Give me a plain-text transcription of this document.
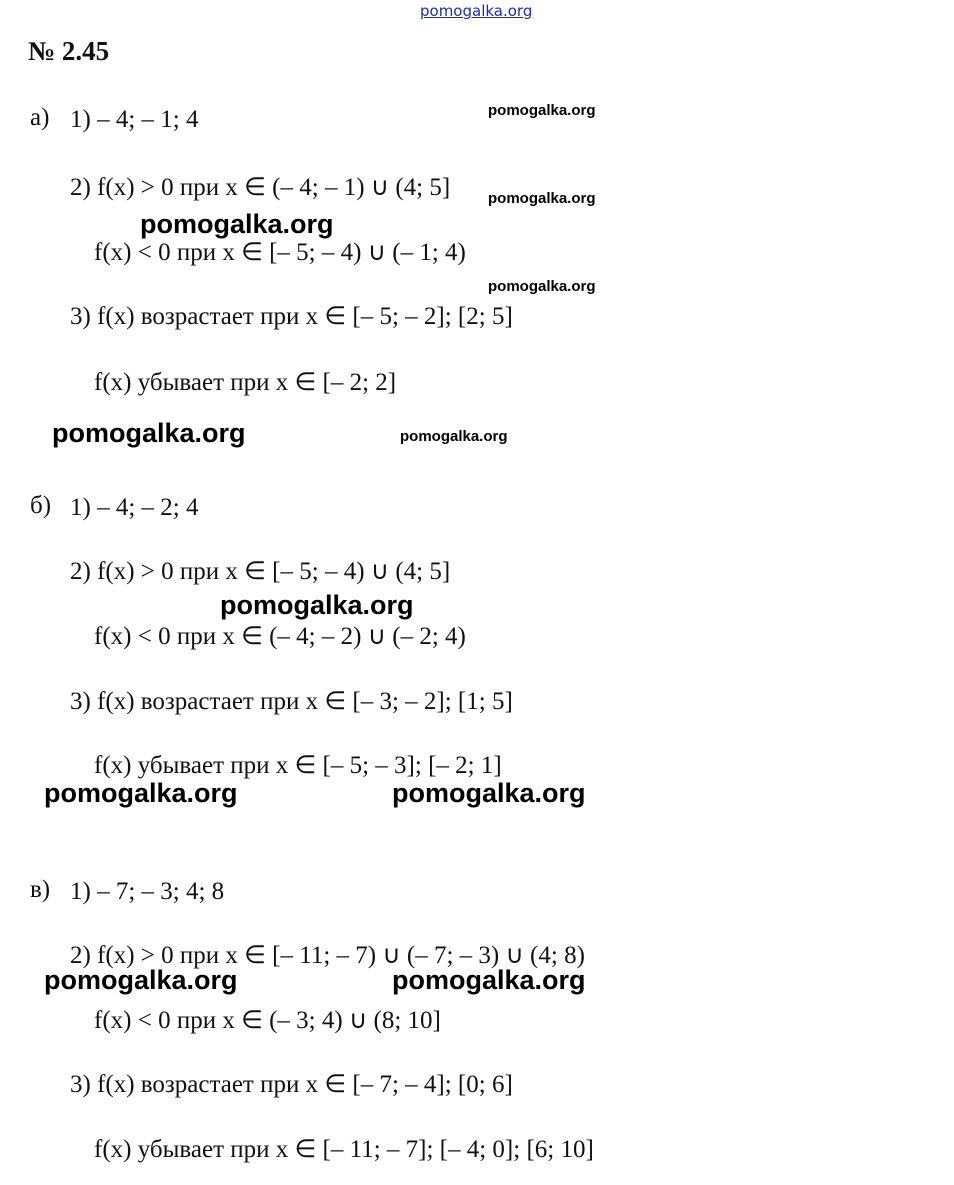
pomogalka.org
№ 2.45
а) 1) – 4; – 1; 4
2) f(x) > 0 при x ∈ (– 4; – 1) ∪ (4; 5]
f(x) < 0 при x ∈ [– 5; – 4) ∪ (– 1; 4)
3) f(x) возрастает при x ∈ [– 5; – 2]; [2; 5]
f(x) убывает при x ∈ [– 2; 2]
б) 1) – 4; – 2; 4
2) f(x) > 0 при x ∈ [– 5; – 4) ∪ (4; 5]
f(x) < 0 при x ∈ (– 4; – 2) ∪ (– 2; 4)
3) f(x) возрастает при x ∈ [– 3; – 2]; [1; 5]
f(x) убывает при x ∈ [– 5; – 3]; [– 2; 1]
в) 1) – 7; – 3; 4; 8
2) f(x) > 0 при x ∈ [– 11; – 7) ∪ (– 7; – 3) ∪ (4; 8)
f(x) < 0 при x ∈ (– 3; 4) ∪ (8; 10]
3) f(x) возрастает при x ∈ [– 7; – 4]; [0; 6]
f(x) убывает при x ∈ [– 11; – 7]; [– 4; 0]; [6; 10]
pomogalka.org
pomogalka.org
pomogalka.org
pomogalka.org
pomogalka.org
pomogalka.org
pomogalka.org
pomogalka.org	pomogalka.org
pomogalka.org	pomogalka.org
